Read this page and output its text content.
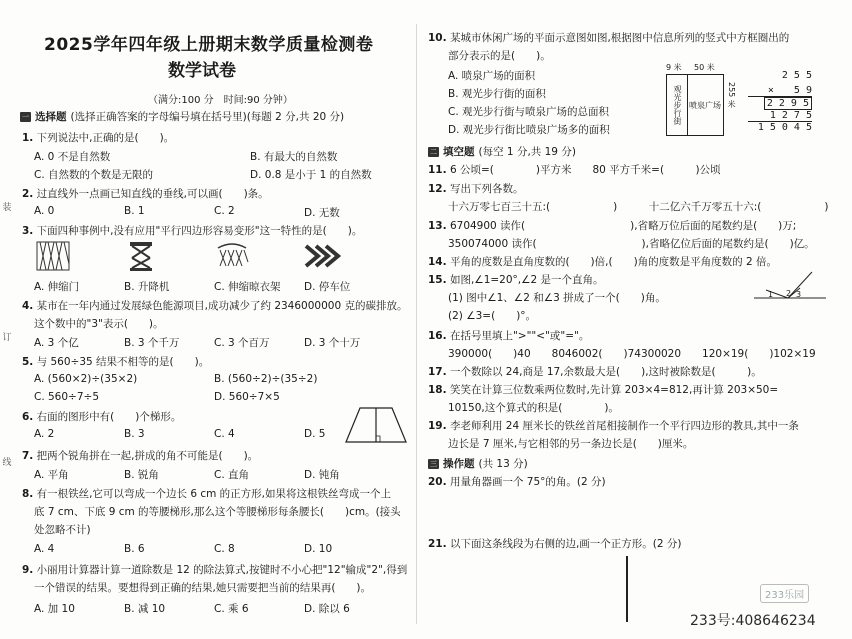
装
订
线
2025学年四年级上册期末数学质量检测卷
数学试卷
（满分:100 分　时间:90 分钟）
一 选择题 (选择正确答案的字母编号填在括号里)(每题 2 分,共 20 分)
1. 下列说法中,正确的是(　　)。
A. 0 不是自然数	B. 有最大的自然数
C. 自然数的个数是无限的	D. 0.8 是小于 1 的自然数
2. 过直线外一点画已知直线的垂线,可以画(　　)条。
A. 0	B. 1	C. 2	D. 无数
3. 下面四种事例中,没有应用"平行四边形容易变形"这一特性的是(　　)。
A. 伸缩门	B. 升降机	C. 伸缩晾衣架 D. 停车位
4. 某市在一年内通过发展绿色能源项目,成功减少了约 2346000000 克的碳排放。
这个数中的"3"表示(　　)。
A. 3 个亿	B. 3 个千万	C. 3 个百万	D. 3 个十万
5. 与 560÷35 结果不相等的是(　　)。
A. (560×2)÷(35×2)	B. (560÷2)÷(35÷2)
C. 560÷7÷5	D. 560÷7×5
6. 右面的图形中有(　　)个梯形。
A. 2	B. 3	C. 4	D. 5
7. 把两个锐角拼在一起,拼成的角不可能是(　　)。
A. 平角	B. 锐角	C. 直角	D. 钝角
8. 有一根铁丝,它可以弯成一个边长 6 cm 的正方形,如果将这根铁丝弯成一个上
底 7 cm、下底 9 cm 的等腰梯形,那么这个等腰梯形每条腰长(　　)cm。(接头
处忽略不计)
A. 4	B. 6	C. 8	D. 10
9. 小丽用计算器计算一道除数是 12 的除法算式,按键时不小心把"12"输成"2",得到
一个错误的结果。要想得到正确的结果,她只需要把当前的结果再(　　)。
A. 加 10	B. 减 10	C. 乘 6	D. 除以 6
10. 某城市休闲广场的平面示意图如图,根据图中信息所列的竖式中方框圈出的
部分表示的是(　　)。
A. 喷泉广场的面积
B. 观光步行街的面积
C. 观光步行街与喷泉广场的总面积
D. 观光步行街比喷泉广场多的面积
9 米 50 米
观光步行街 喷泉广场 255 米
2 5 5
×　　5 9
2 2 9 5
1 2 7 5
1 5 0 4 5
二 填空题 (每空 1 分,共 19 分)
11. 6 公顷=(　　　　)平方米　　80 平方千米=(　　　)公顷
12. 写出下列各数。
十六万零七百三十五:(　　　　　　)　　　十二亿六千万零五十六:(　　　　　　)
13. 6704900 读作(　　　　　　　　　　),省略万位后面的尾数约是(　　)万;
350074000 读作(　　　　　　　　　　),省略亿位后面的尾数约是(　　)亿。
14. 平角的度数是直角度数的(　　)倍,(　　)角的度数是平角度数的 2 倍。
15. 如图,∠1=20°,∠2 是一个直角。
(1) 图中∠1、∠2 和∠3 拼成了一个(　　)角。
(2) ∠3=(　　)°。
1 2 3
16. 在括号里填上">""<"或"="。
390000(　　)40　　8046002(　　)74300020　　120×19(　　)102×19
17. 一个数除以 24,商是 17,余数最大是(　　),这时被除数是(　　　)。
18. 笑笑在计算三位数乘两位数时,先计算 203×4=812,再计算 203×50=
10150,这个算式的积是(　　　　)。
19. 李老师利用 24 厘米长的铁丝首尾相接制作一个平行四边形的教具,其中一条
边长是 7 厘米,与它相邻的另一条边长是(　　)厘米。
三 操作题 (共 13 分)
20. 用量角器画一个 75°的角。(2 分)
21. 以下面这条线段为右侧的边,画一个正方形。(2 分)
233乐园
233号:408646234
